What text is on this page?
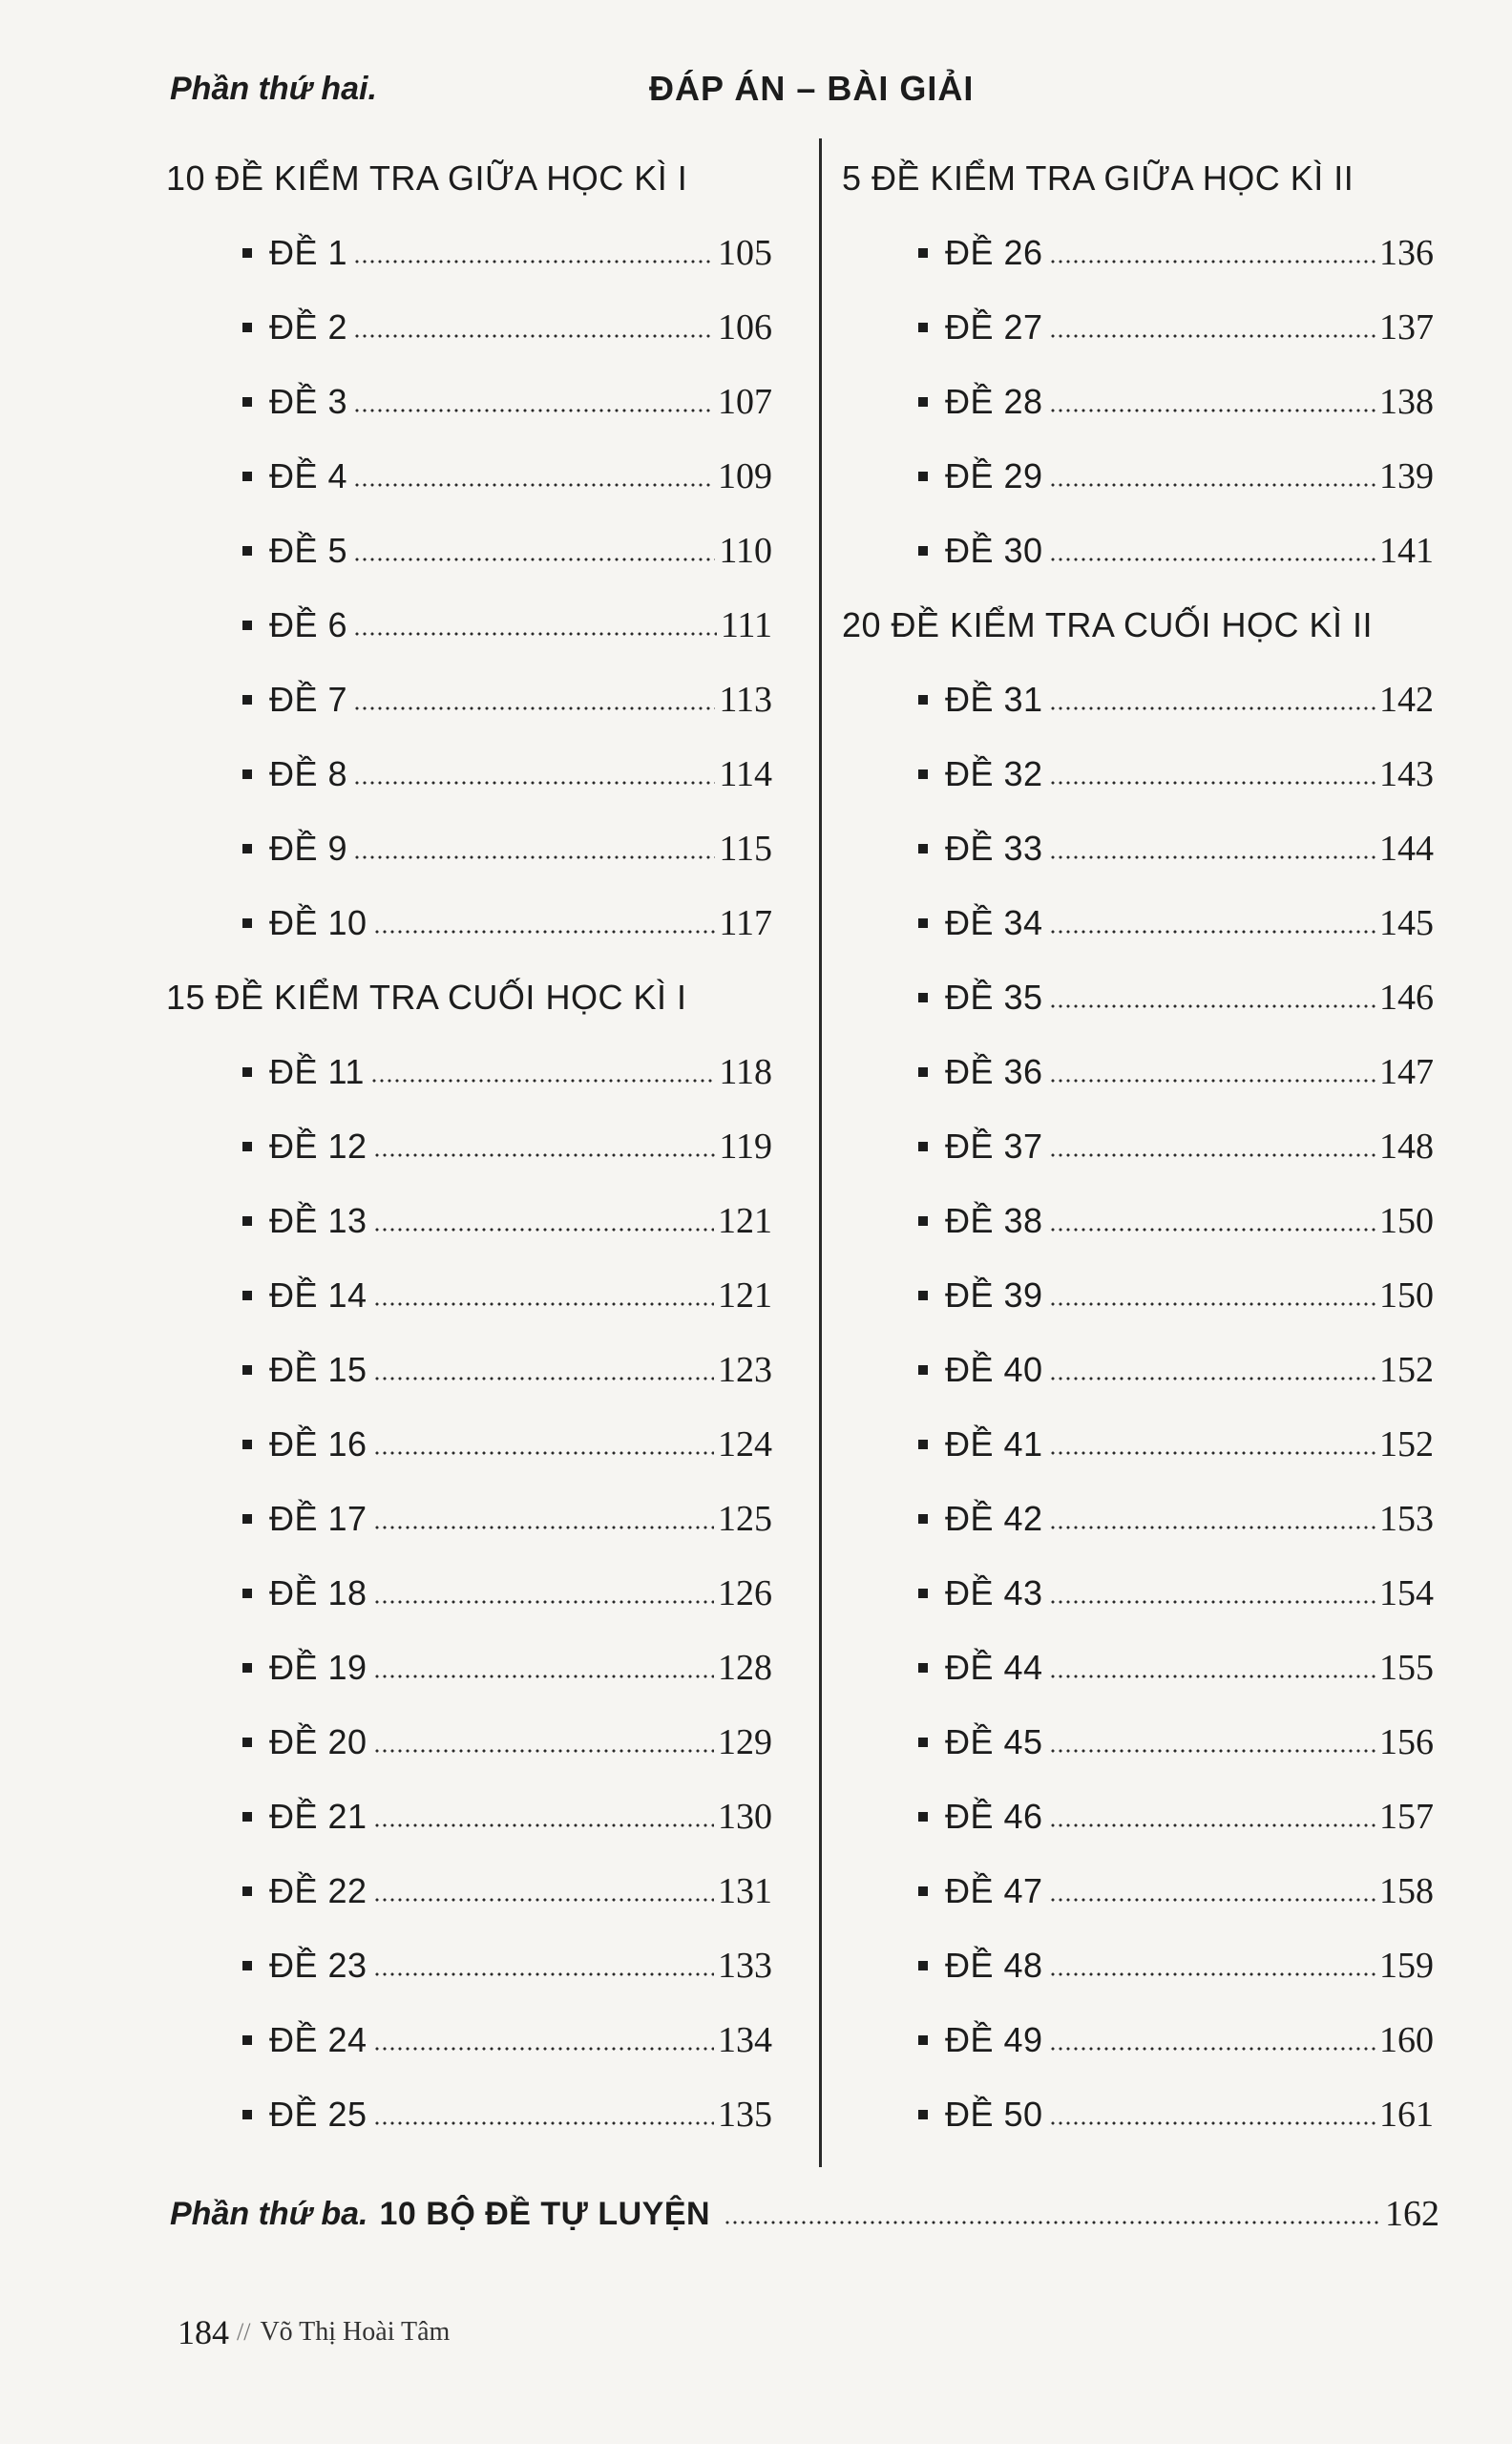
Phần thứ hai.	ĐÁP ÁN – BÀI GIẢI
10 ĐỀ KIỂM TRA GIỮA HỌC KÌ I
ĐỀ 1	105
ĐỀ 2	106
ĐỀ 3	107
ĐỀ 4	109
ĐỀ 5	110
ĐỀ 6	111
ĐỀ 7	113
ĐỀ 8	114
ĐỀ 9	115
ĐỀ 10	117
15 ĐỀ KIỂM TRA CUỐI HỌC KÌ I
ĐỀ 11	118
ĐỀ 12	119
ĐỀ 13	121
ĐỀ 14	121
ĐỀ 15	123
ĐỀ 16	124
ĐỀ 17	125
ĐỀ 18	126
ĐỀ 19	128
ĐỀ 20	129
ĐỀ 21	130
ĐỀ 22	131
ĐỀ 23	133
ĐỀ 24	134
ĐỀ 25	135
5 ĐỀ KIỂM TRA GIỮA HỌC KÌ II
ĐỀ 26	136
ĐỀ 27	137
ĐỀ 28	138
ĐỀ 29	139
ĐỀ 30	141
20 ĐỀ KIỂM TRA CUỐI HỌC KÌ II
ĐỀ 31	142
ĐỀ 32	143
ĐỀ 33	144
ĐỀ 34	145
ĐỀ 35	146
ĐỀ 36	147
ĐỀ 37	148
ĐỀ 38	150
ĐỀ 39	150
ĐỀ 40	152
ĐỀ 41	152
ĐỀ 42	153
ĐỀ 43	154
ĐỀ 44	155
ĐỀ 45	156
ĐỀ 46	157
ĐỀ 47	158
ĐỀ 48	159
ĐỀ 49	160
ĐỀ 50	161
Phần thứ ba. 10 BỘ ĐỀ TỰ LUYỆN	162
184 // Võ Thị Hoài Tâm
